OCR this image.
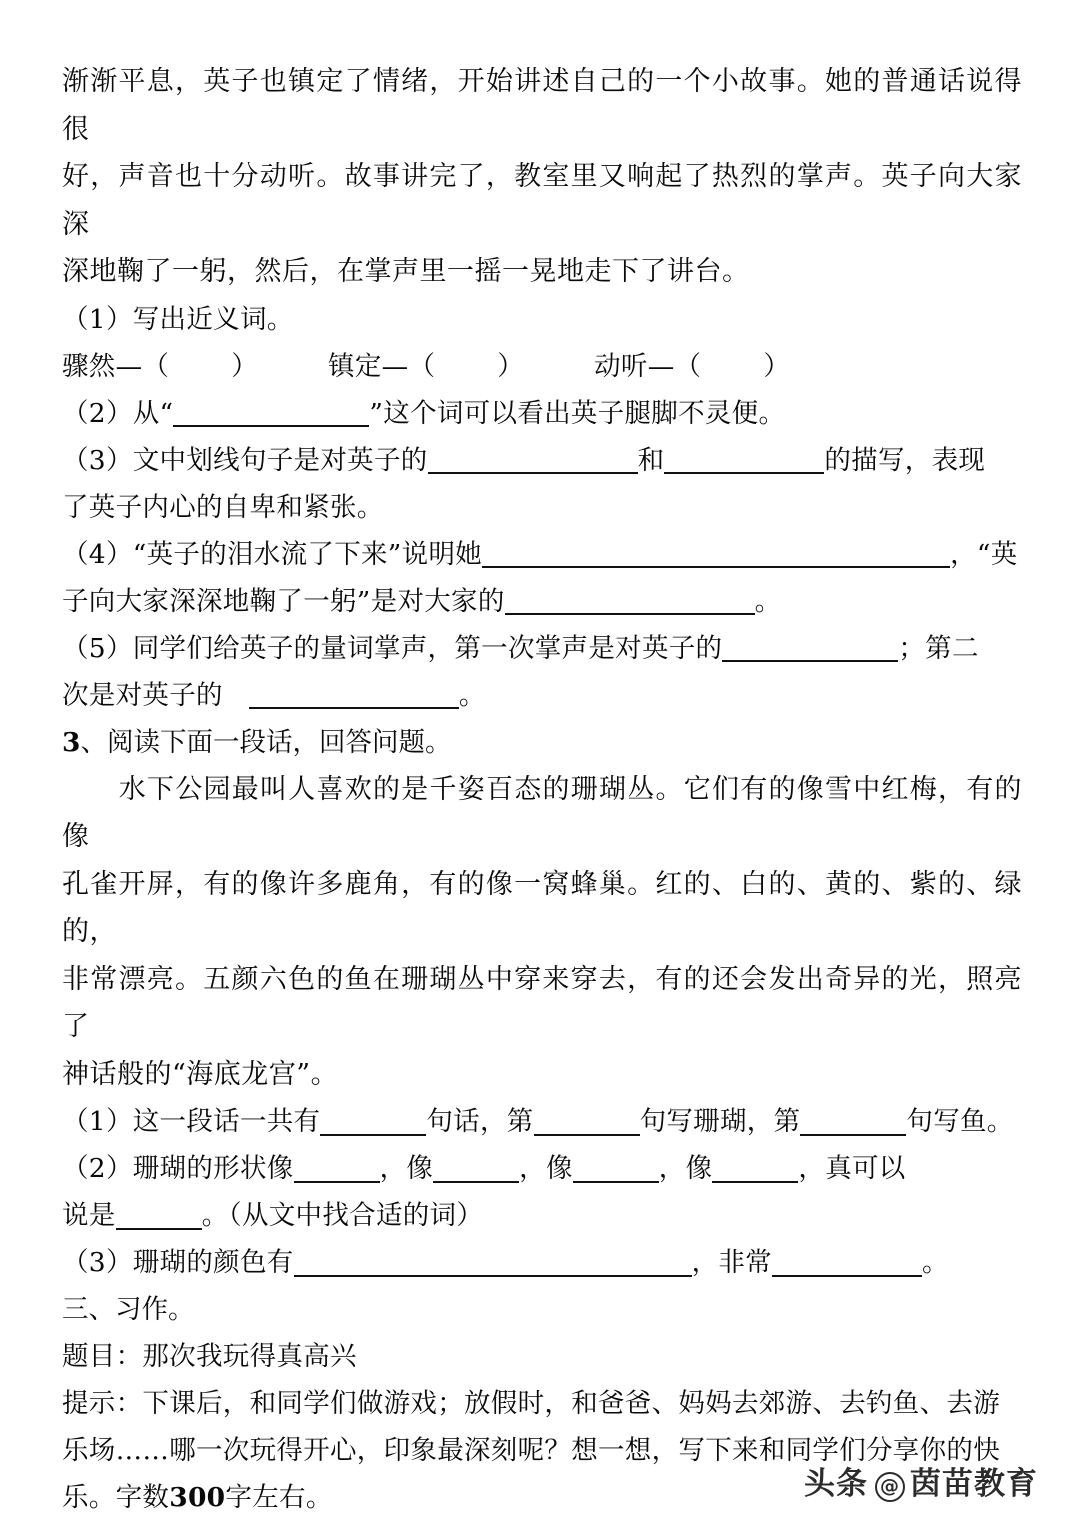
渐渐平息，英子也镇定了情绪，开始讲述自己的一个小故事。她的普通话说得很

好，声音也十分动听。故事讲完了，教室里又响起了热烈的掌声。英子向大家深

深地鞠了一躬，然后，在掌声里一摇一晃地走下了讲台。

（1）写出近义词。

骤然—（ ）	镇定—（ ）	动听—（ ）

（2）从“	”这个词可以看出英子腿脚不灵便。

（3）文中划线句子是对英子的	和	的描写，表现

了英子内心的自卑和紧张。

（4）“英子的泪水流了下来”说明她	，“英

子向大家深深地鞠了一躬”是对大家的	。

（5）同学们给英子的量词掌声，第一次掌声是对英子的	；第二

次是对英子的	。

3、阅读下面一段话，回答问题。

水下公园最叫人喜欢的是千姿百态的珊瑚丛。它们有的像雪中红梅，有的像

孔雀开屏，有的像许多鹿角，有的像一窝蜂巢。红的、白的、黄的、紫的、绿的，

非常漂亮。五颜六色的鱼在珊瑚丛中穿来穿去，有的还会发出奇异的光，照亮了

神话般的“海底龙宫”。

（1）这一段话一共有	句话，第	句写珊瑚，第	句写鱼。

（2）珊瑚的形状像	，像	，像	，像	，真可以

说是	。（从文中找合适的词）

（3）珊瑚的颜色有	，非常	。

三、习作。

题目：那次我玩得真高兴

提示：下课后，和同学们做游戏；放假时，和爸爸、妈妈去郊游、去钓鱼、去游

乐场……哪一次玩得开心，印象最深刻呢？想一想，写下来和同学们分享你的快

乐。字数300字左右。	头条 @ 茵苗教育
